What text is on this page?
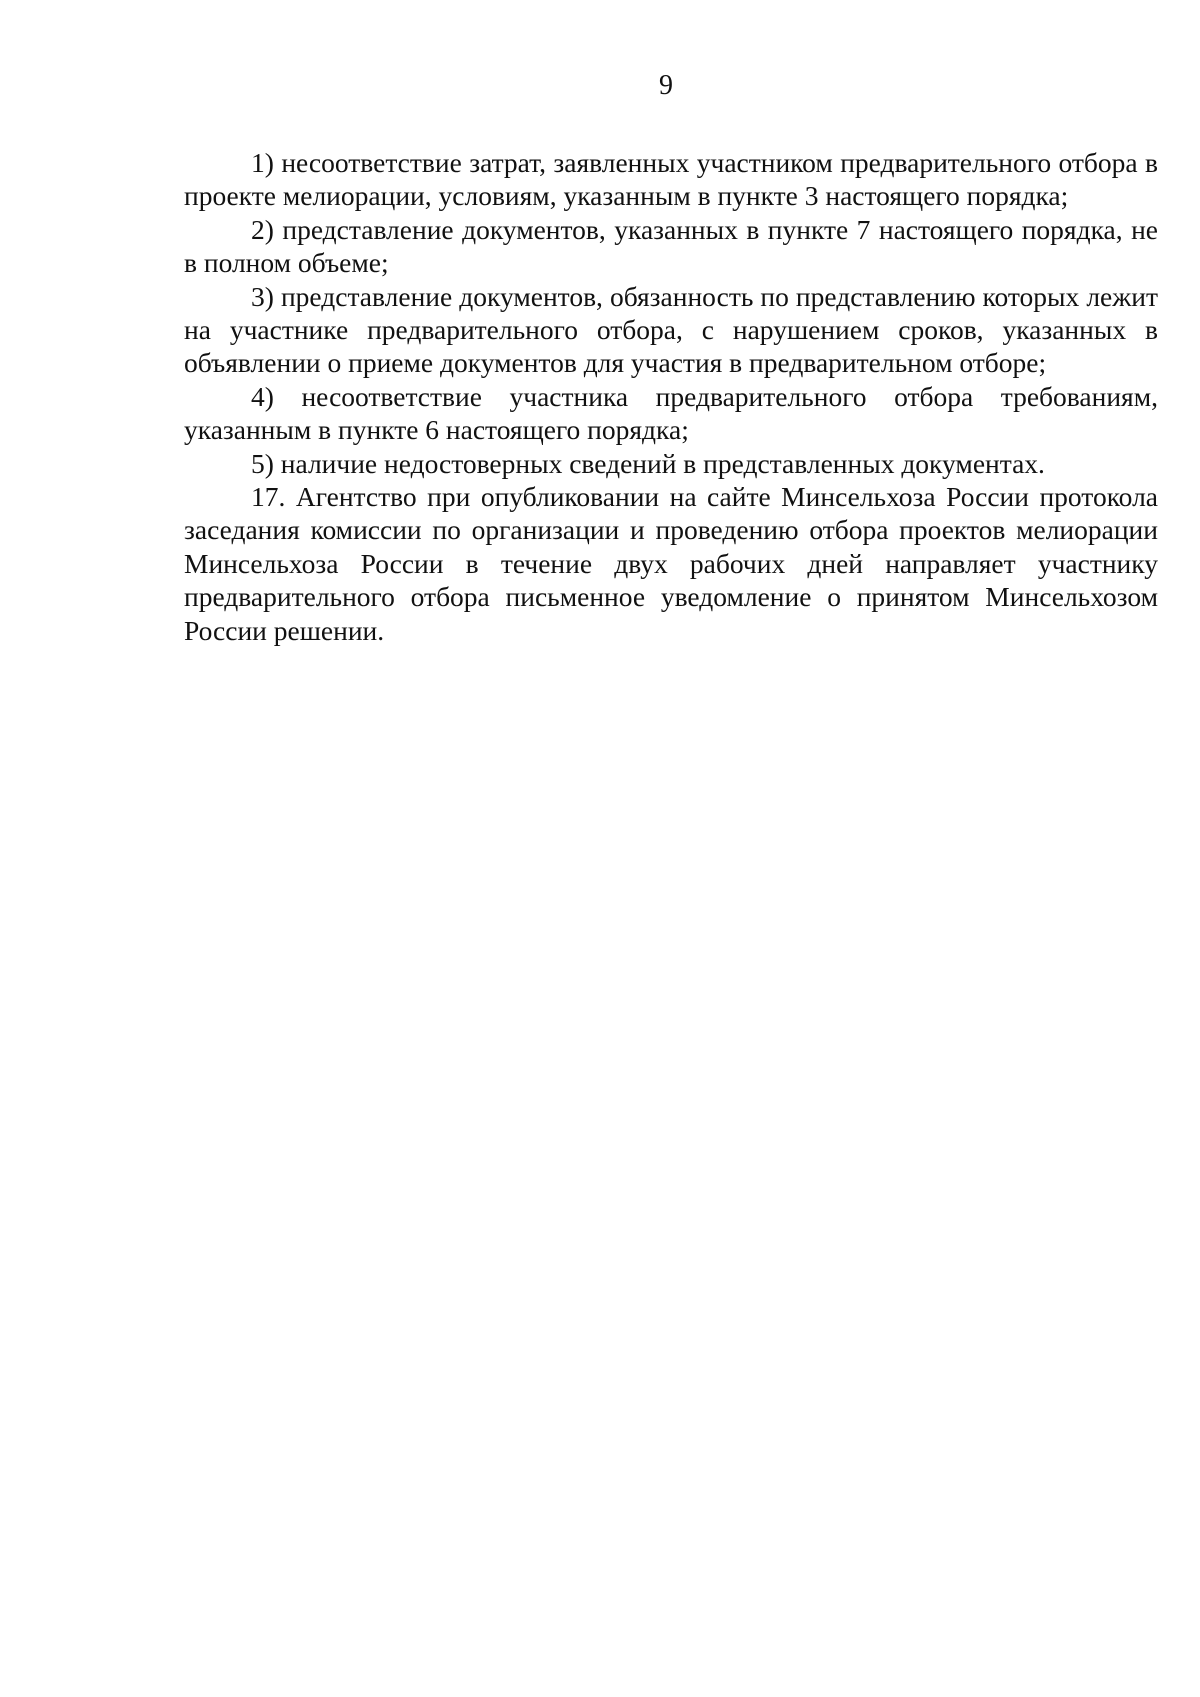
9

1) несоответствие затрат, заявленных участником предварительного отбора в проекте мелиорации, условиям, указанным в пункте 3 настоящего порядка;

2) представление документов, указанных в пункте 7 настоящего порядка, не в полном объеме;

3) представление документов, обязанность по представлению которых лежит на участнике предварительного отбора, с нарушением сроков, указанных в объявлении о приеме документов для участия в предварительном отборе;

4) несоответствие участника предварительного отбора требованиям, указанным в пункте 6 настоящего порядка;

5) наличие недостоверных сведений в представленных документах.

17. Агентство при опубликовании на сайте Минсельхоза России протокола заседания комиссии по организации и проведению отбора проектов мелиорации Минсельхоза России в течение двух рабочих дней направляет участнику предварительного отбора письменное уведомление о принятом Минсельхозом России решении.
